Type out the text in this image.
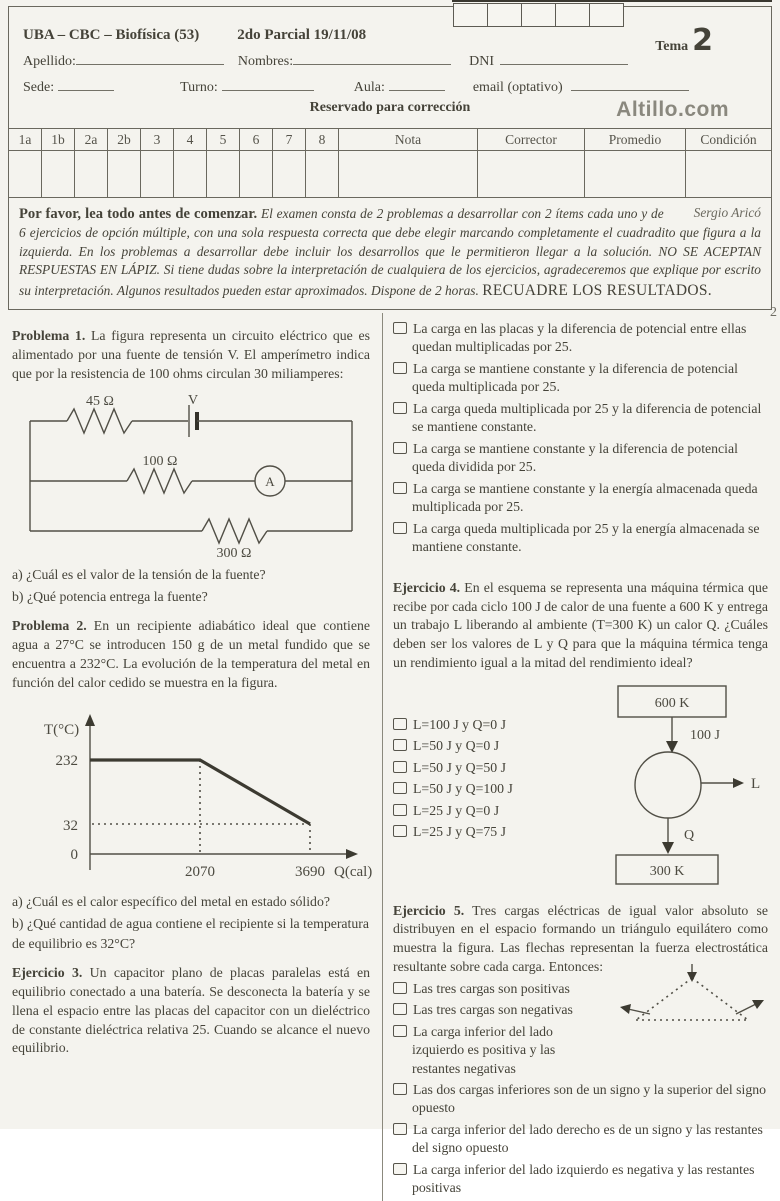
Tema 2
UBA – CBC – Biofísica (53)	2do Parcial 19/11/08
Apellido:	Nombres:	DNI
Sede:	Turno:	Aula:	email (optativo)
Reservado para corrección	Altillo.com
1a	1b	2a	2b	3	4	5	6	7	8	Nota	Corrector	Promedio	Condición

Sergio Aricó
Por favor, lea todo antes de comenzar. El examen consta de 2 problemas a desarrollar con 2 ítems cada uno y de 6 ejercicios de opción múltiple, con una sola respuesta correcta que debe elegir marcando completamente el cuadradito que figura a la izquierda. En los problemas a desarrollar debe incluir los desarrollos que le permitieron llegar a la solución. NO SE ACEPTAN RESPUESTAS EN LÁPIZ. Si tiene dudas sobre la interpretación de cualquiera de los ejercicios, agradeceremos que explique por escrito su interpretación. Algunos resultados pueden estar aproximados. Dispone de 2 horas. RECUADRE LOS RESULTADOS.

Problema 1. La figura representa un circuito eléctrico que es alimentado por una fuente de tensión V. El amperímetro indica que por la resistencia de 100 ohms circulan 30 miliamperes:

45 Ω	V
100 Ω
A
300 Ω
a) ¿Cuál es el valor de la tensión de la fuente?
b) ¿Qué potencia entrega la fuente?

Problema 2. En un recipiente adiabático ideal que contiene agua a 27°C se introducen 150 g de un metal fundido que se encuentra a 232°C. La evolución de la temperatura del metal en función del calor cedido se muestra en la figura.

T(°C)
232
32
0
2070	3690 Q(cal)
a) ¿Cuál es el calor específico del metal en estado sólido?
b) ¿Qué cantidad de agua contiene el recipiente si la temperatura de equilibrio es 32°C?

Ejercicio 3. Un capacitor plano de placas paralelas está en equilibrio conectado a una batería. Se desconecta la batería y se llena el espacio entre las placas del capacitor con un dieléctrico de constante dieléctrica relativa 25. Cuando se alcance el nuevo equilibrio.

La carga en las placas y la diferencia de potencial entre ellas quedan multiplicadas por 25.
La carga se mantiene constante y la diferencia de potencial queda multiplicada por 25.
La carga queda multiplicada por 25 y la diferencia de potencial se mantiene constante.
La carga se mantiene constante y la diferencia de potencial queda dividida por 25.
La carga se mantiene constante y la energía almacenada queda multiplicada por 25.
La carga queda multiplicada por 25 y la energía almacenada se mantiene constante.

Ejercicio 4. En el esquema se representa una máquina térmica que recibe por cada ciclo 100 J de calor de una fuente a 600 K y entrega un trabajo L liberando al ambiente (T=300 K) un calor Q. ¿Cuáles deben ser los valores de L y Q para que la máquina térmica tenga un rendimiento igual a la mitad del rendimiento ideal?

L=100 J y Q=0 J
L=50 J y Q=0 J
L=50 J y Q=50 J
L=50 J y Q=100 J
L=25 J y Q=0 J
L=25 J y Q=75 J
600 K
100 J
L
Q
300 K

Ejercicio 5. Tres cargas eléctricas de igual valor absoluto se distribuyen en el espacio formando un triángulo equilátero como muestra la figura. Las flechas representan la fuerza electrostática resultante sobre cada carga. Entonces:

Las tres cargas son positivas
Las tres cargas son negativas
La carga inferior del lado izquierdo es positiva y las restantes negativas
Las dos cargas inferiores son de un signo y la superior del signo opuesto
La carga inferior del lado derecho es de un signo y las restantes del signo opuesto
La carga inferior del lado izquierdo es negativa y las restantes positivas
2
